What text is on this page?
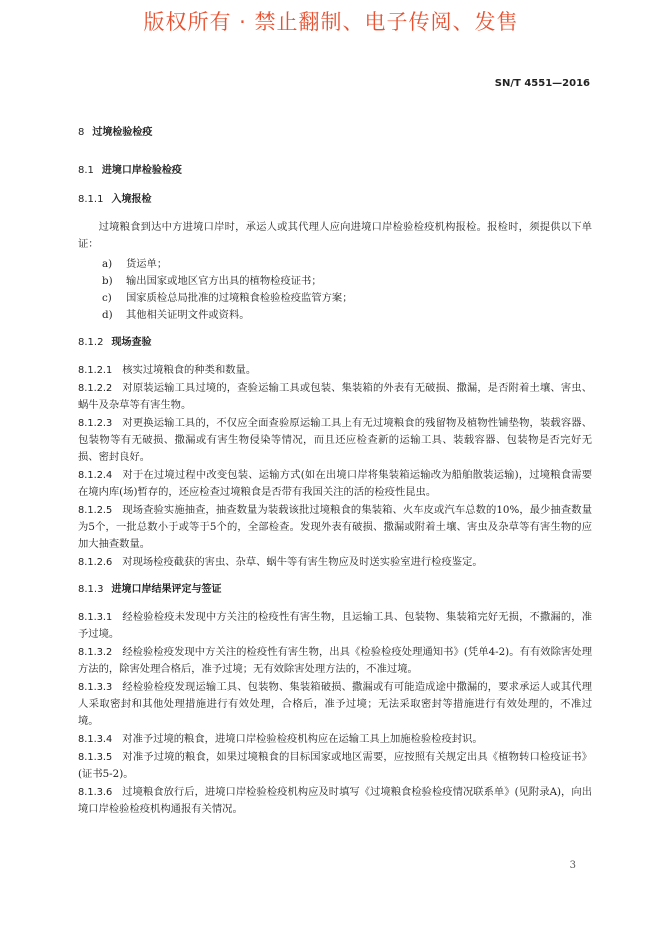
版权所有 · 禁止翻制、电子传阅、发售
SN/T 4551—2016
8 过境检验检疫
8.1 进境口岸检验检疫
8.1.1 入境报检
过境粮食到达中方进境口岸时，承运人或其代理人应向进境口岸检验检疫机构报检。报检时，须提供以下单证：
a) 货运单；
b) 输出国家或地区官方出具的植物检疫证书；
c) 国家质检总局批准的过境粮食检验检疫监管方案；
d) 其他相关证明文件或资料。
8.1.2 现场查验
8.1.2.1 核实过境粮食的种类和数量。
8.1.2.2 对原装运输工具过境的，查验运输工具或包装、集装箱的外表有无破损、撒漏，是否附着土壤、害虫、蜗牛及杂草等有害生物。
8.1.2.3 对更换运输工具的，不仅应全面查验原运输工具上有无过境粮食的残留物及植物性铺垫物，装载容器、包装物等有无破损、撒漏或有害生物侵染等情况，而且还应检查新的运输工具、装载容器、包装物是否完好无损、密封良好。
8.1.2.4 对于在过境过程中改变包装、运输方式(如在出境口岸将集装箱运输改为船舶散装运输)，过境粮食需要在境内库(场)暂存的，还应检查过境粮食是否带有我国关注的活的检疫性昆虫。
8.1.2.5 现场查验实施抽查，抽查数量为装载该批过境粮食的集装箱、火车皮或汽车总数的10%，最少抽查数量为5个，一批总数小于或等于5个的，全部检查。发现外表有破损、撒漏或附着土壤、害虫及杂草等有害生物的应加大抽查数量。
8.1.2.6 对现场检疫截获的害虫、杂草、蜗牛等有害生物应及时送实验室进行检疫鉴定。
8.1.3 进境口岸结果评定与签证
8.1.3.1 经检验检疫未发现中方关注的检疫性有害生物，且运输工具、包装物、集装箱完好无损，不撒漏的，准予过境。
8.1.3.2 经检验检疫发现中方关注的检疫性有害生物，出具《检验检疫处理通知书》(凭单4-2)。有有效除害处理方法的，除害处理合格后，准予过境；无有效除害处理方法的，不准过境。
8.1.3.3 经检验检疫发现运输工具、包装物、集装箱破损、撒漏或有可能造成途中撒漏的，要求承运人或其代理人采取密封和其他处理措施进行有效处理，合格后，准予过境；无法采取密封等措施进行有效处理的，不准过境。
8.1.3.4 对准予过境的粮食，进境口岸检验检疫机构应在运输工具上加施检验检疫封识。
8.1.3.5 对准予过境的粮食，如果过境粮食的目标国家或地区需要，应按照有关规定出具《植物转口检疫证书》(证书5-2)。
8.1.3.6 过境粮食放行后，进境口岸检验检疫机构应及时填写《过境粮食检验检疫情况联系单》(见附录A)，向出境口岸检验检疫机构通报有关情况。
3
